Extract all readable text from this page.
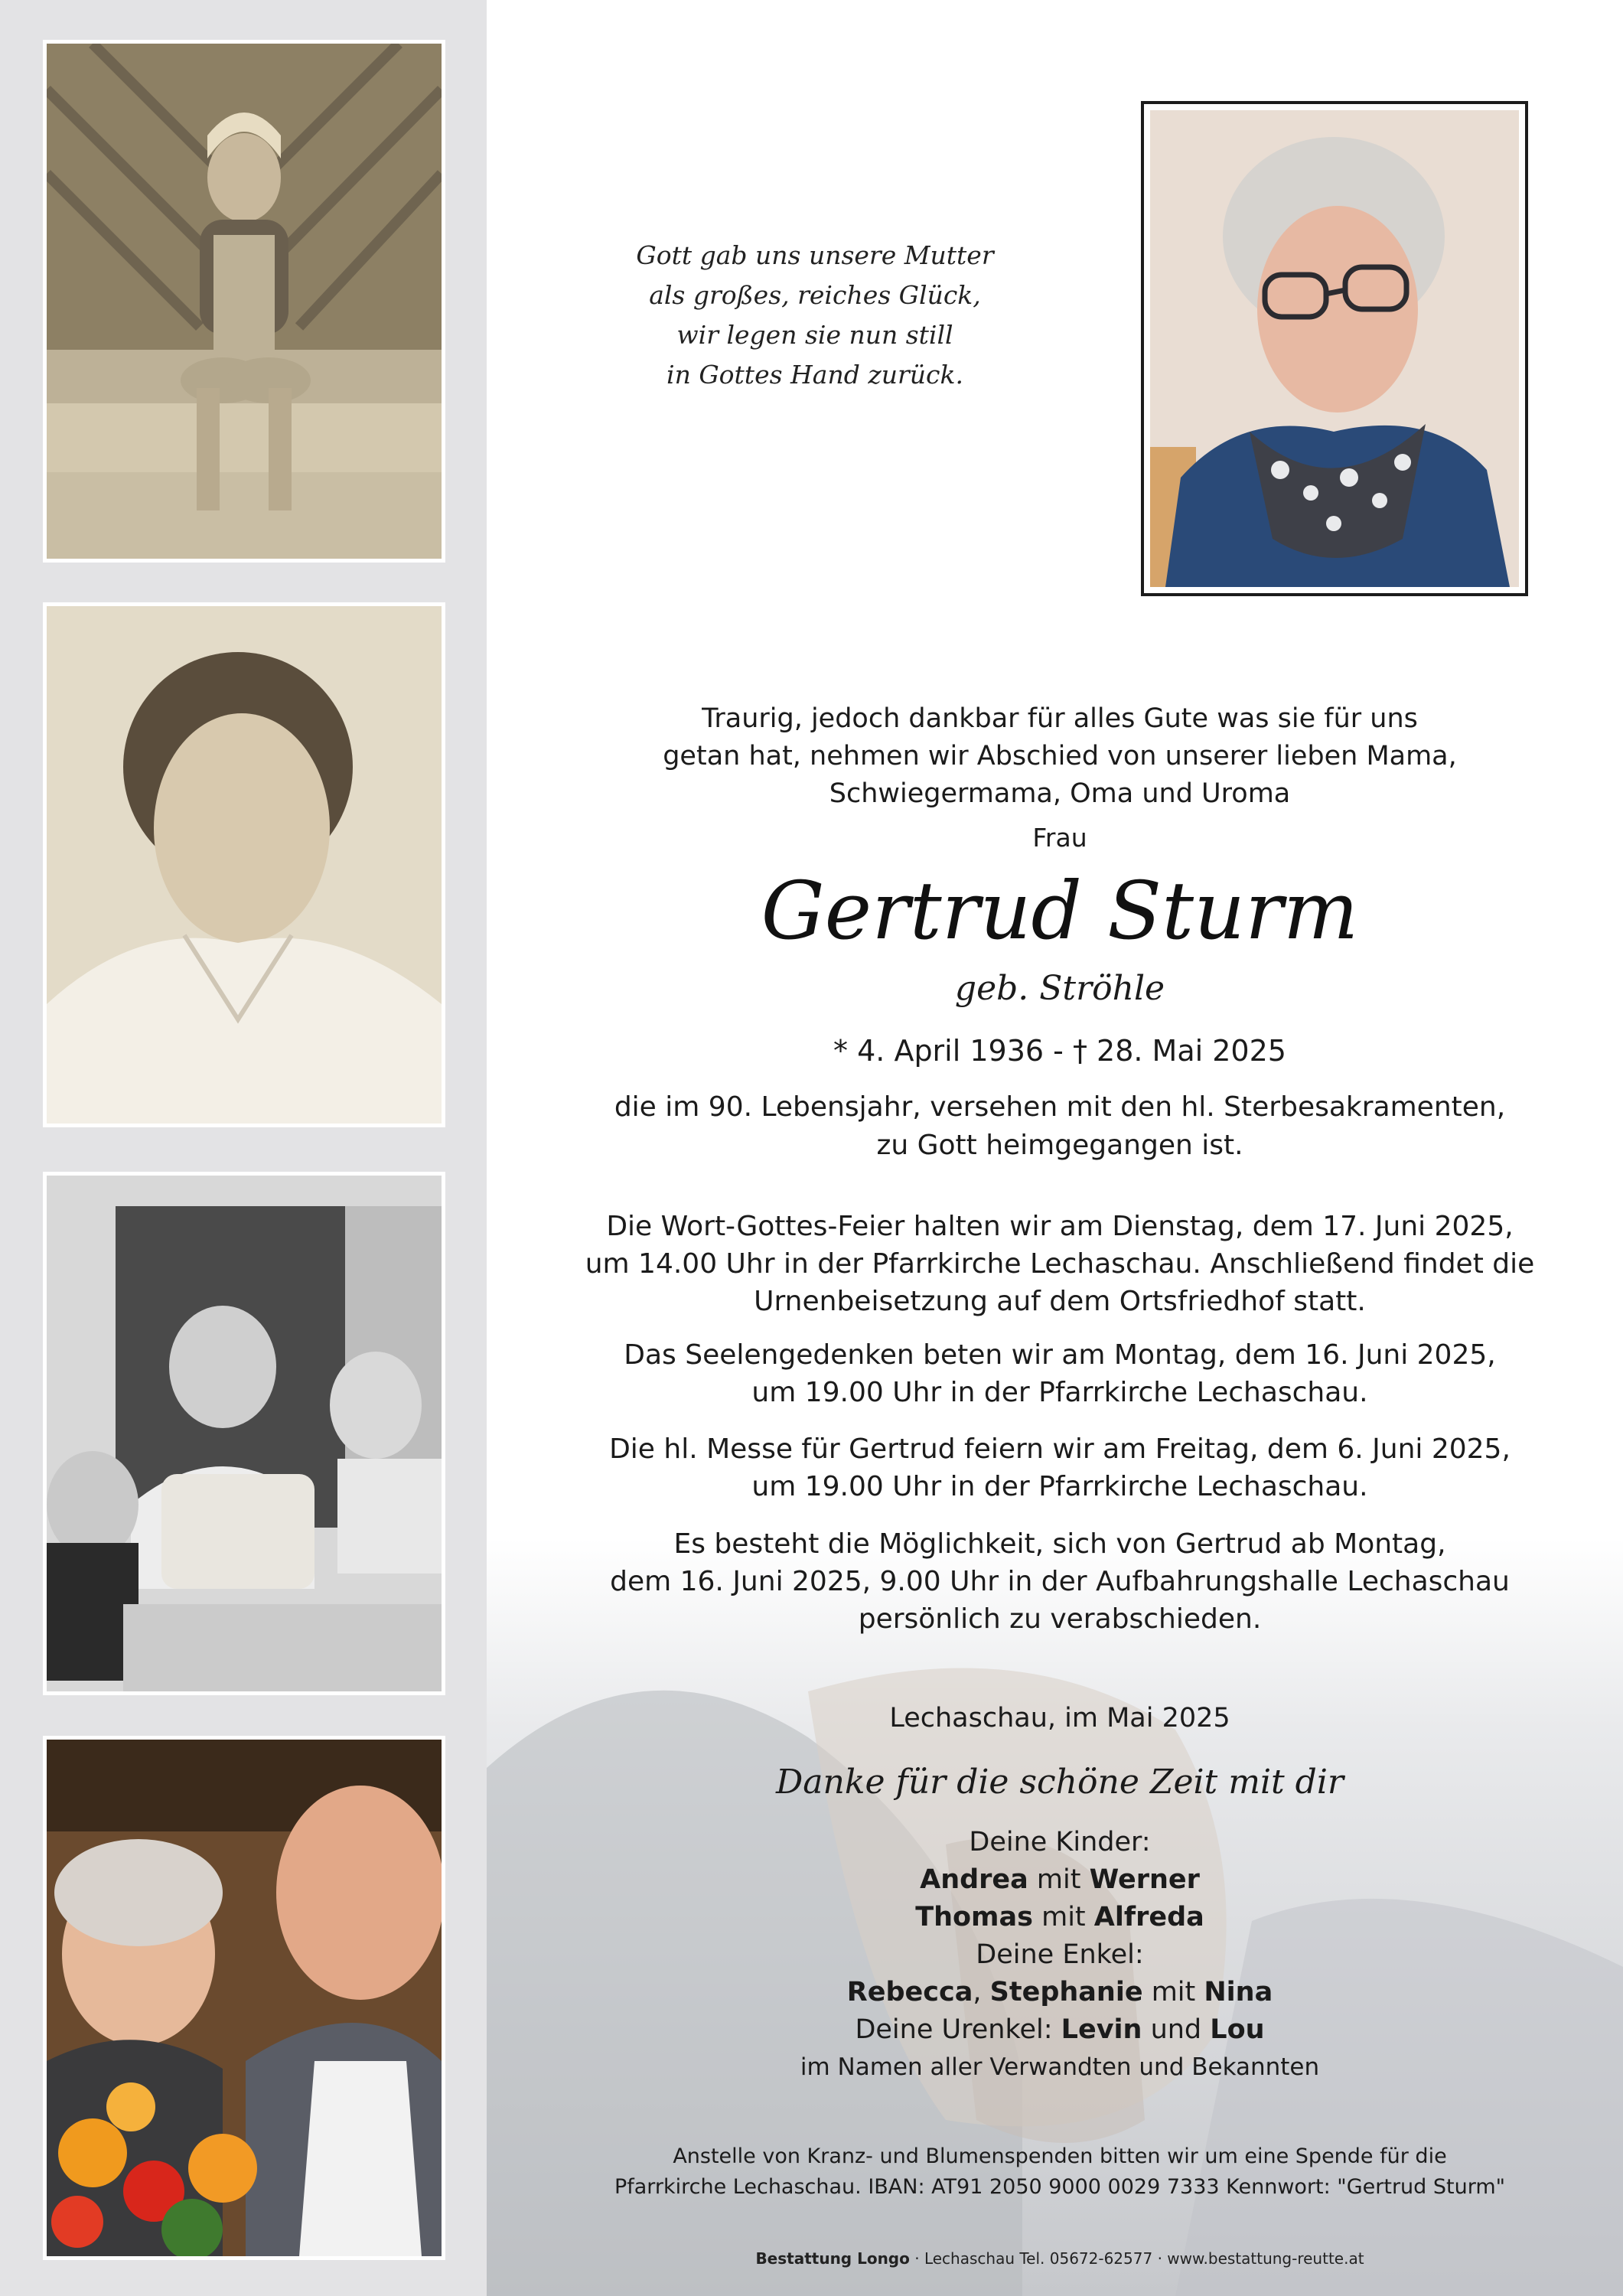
Gott gab uns unsere Mutter
als großes, reiches Glück,
wir legen sie nun still
in Gottes Hand zurück.
Traurig, jedoch dankbar für alles Gute was sie für uns
getan hat, nehmen wir Abschied von unserer lieben Mama,
Schwiegermama, Oma und Uroma
Frau
Gertrud Sturm
geb. Ströhle
* 4. April 1936 - † 28. Mai 2025
die im 90. Lebensjahr, versehen mit den hl. Sterbesakramenten,
zu Gott heimgegangen ist.
Die Wort-Gottes-Feier halten wir am Dienstag, dem 17. Juni 2025,
um 14.00 Uhr in der Pfarrkirche Lechaschau. Anschließend findet die
Urnenbeisetzung auf dem Ortsfriedhof statt.
Das Seelengedenken beten wir am Montag, dem 16. Juni 2025,
um 19.00 Uhr in der Pfarrkirche Lechaschau.
Die hl. Messe für Gertrud feiern wir am Freitag, dem 6. Juni 2025,
um 19.00 Uhr in der Pfarrkirche Lechaschau.
Es besteht die Möglichkeit, sich von Gertrud ab Montag,
dem 16. Juni 2025, 9.00 Uhr in der Aufbahrungshalle Lechaschau
persönlich zu verabschieden.
Lechaschau, im Mai 2025
Danke für die schöne Zeit mit dir
Deine Kinder:
Andrea mit Werner
Thomas mit Alfreda
Deine Enkel:
Rebecca, Stephanie mit Nina
Deine Urenkel: Levin und Lou
im Namen aller Verwandten und Bekannten
Anstelle von Kranz- und Blumenspenden bitten wir um eine Spende für die
Pfarrkirche Lechaschau. IBAN: AT91 2050 9000 0029 7333 Kennwort: "Gertrud Sturm"
Bestattung Longo · Lechaschau Tel. 05672-62577 · www.bestattung-reutte.at
